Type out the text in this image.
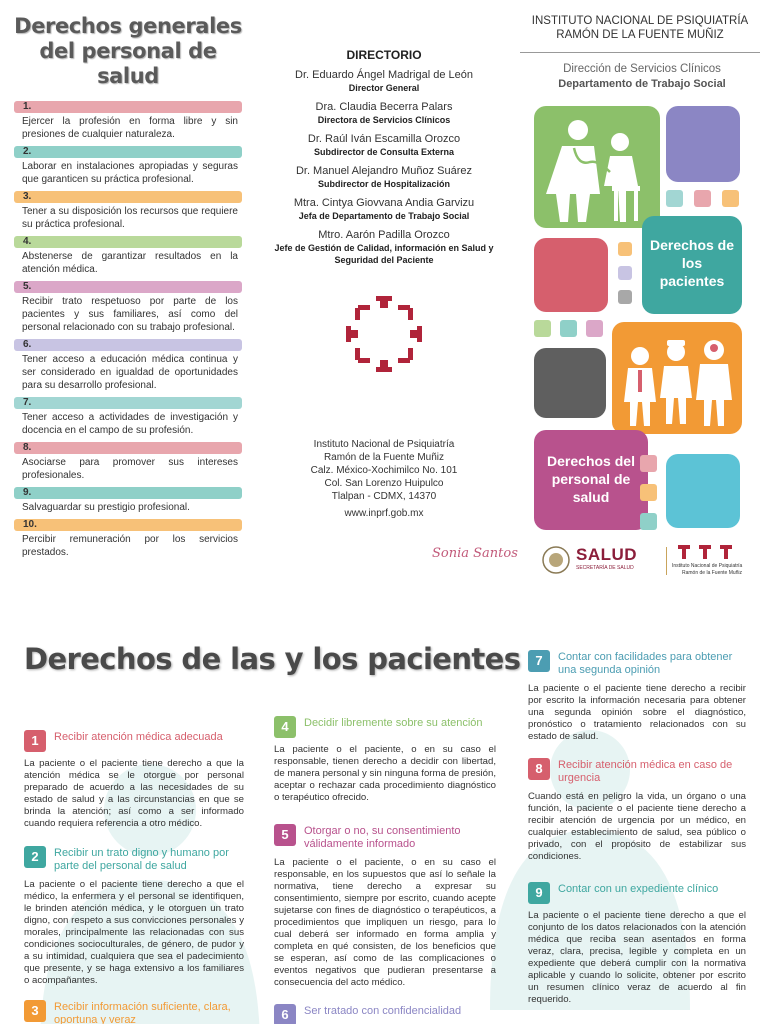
Derechos generales del personal de salud
1.
Ejercer la profesión en forma libre y sin presiones de cualquier naturaleza.
2.
Laborar en instalaciones apropiadas y seguras que garanticen su práctica profesional.
3.
Tener a su disposición los recursos que requiere su práctica profesional.
4.
Abstenerse de garantizar resultados en la atención médica.
5.
Recibir trato respetuoso por parte de los pacientes y sus familiares, así como del personal relacionado con su trabajo profesional.
6.
Tener acceso a educación médica continua y ser considerado en igualdad de oportunidades para su desarrollo profesional.
7.
Tener acceso a actividades de investigación y docencia en el campo de su profesión.
8.
Asociarse para promover sus intereses profesionales.
9.
Salvaguardar su prestigio profesional.
10.
Percibir remuneración por los servicios prestados.
DIRECTORIO
Dr. Eduardo Ángel Madrigal de León
Director General
Dra. Claudia Becerra Palars
Directora de Servicios Clínicos
Dr. Raúl Iván Escamilla Orozco
Subdirector de Consulta Externa
Dr. Manuel Alejandro Muñoz Suárez
Subdirector de Hospitalización
Mtra. Cintya Giovvana Andia Garvizu
Jefa de Departamento de Trabajo Social
Mtro. Aarón Padilla Orozco
Jefe de Gestión de Calidad, información en Salud y Seguridad del Paciente
Instituto Nacional de Psiquiatría
Ramón de la Fuente Muñiz
Calz. México-Xochimilco No. 101
Col. San Lorenzo Huipulco
Tlalpan - CDMX, 14370
www.inprf.gob.mx
Sonia Santos
INSTITUTO NACIONAL DE PSIQUIATRÍA
RAMÓN DE LA FUENTE MUÑIZ
Dirección de Servicios Clínicos
Departamento de Trabajo Social
Derechos de los pacientes
Derechos del personal de salud
SALUD
SECRETARÍA DE SALUD	Instituto Nacional de Psiquiatría
Ramón de la Fuente Muñiz
Derechos de las y los pacientes
1	Recibir atención médica adecuada
La paciente o el paciente tiene derecho a que la atención médica se le otorgue por personal preparado de acuerdo a las necesidades de su estado de salud y a las circunstancias en que se brinda la atención; así como a ser informado cuando requiera referencia a otro médico.
2	Recibir un trato digno y humano por parte del personal de salud
La paciente o el paciente tiene derecho a que el médico, la enfermera y el personal se identifiquen, le brinden atención médica, y le otorguen un trato digno, con respeto a sus convicciones personales y morales, principalmente las relacionadas con sus condiciones socioculturales, de género, de pudor y a su intimidad, cualquiera que sea el padecimiento que presente, y se haga extensivo a los familiares o acompañantes.
3	Recibir información suficiente, clara, oportuna y veraz
4	Decidir libremente sobre su atención
La paciente o el paciente, o en su caso el responsable, tienen derecho a decidir con libertad, de manera personal y sin ninguna forma de presión, aceptar o rechazar cada procedimiento diagnóstico o terapéutico ofrecido.
5	Otorgar o no, su consentimiento válidamente informado
La paciente o el paciente, o en su caso el responsable, en los supuestos que así lo señale la normativa, tiene derecho a expresar su consentimiento, siempre por escrito, cuando acepte sujetarse con fines de diagnóstico o terapéuticos, a procedimientos que impliquen un riesgo, para lo cual deberá ser informado en forma amplia y completa en qué consisten, de los beneficios que se esperan, así como de las complicaciones o eventos negativos que pudieran presentarse a consecuencia del acto médico.
6	Ser tratado con confidencialidad
7	Contar con facilidades para obtener una segunda opinión
La paciente o el paciente tiene derecho a recibir por escrito la información necesaria para obtener una segunda opinión sobre el diagnóstico, pronóstico o tratamiento relacionados con su estado de salud.
8	Recibir atención médica en caso de urgencia
Cuando está en peligro la vida, un órgano o una función, la paciente o el paciente tiene derecho a recibir atención de urgencia por un médico, en cualquier establecimiento de salud, sea público o privado, con el propósito de estabilizar sus condiciones.
9	Contar con un expediente clínico
La paciente o el paciente tiene derecho a que el conjunto de los datos relacionados con la atención médica que reciba sean asentados en forma veraz, clara, precisa, legible y completa en un expediente que deberá cumplir con la normativa aplicable y cuando lo solicite, obtener por escrito un resumen clínico veraz de acuerdo al fin requerido.
